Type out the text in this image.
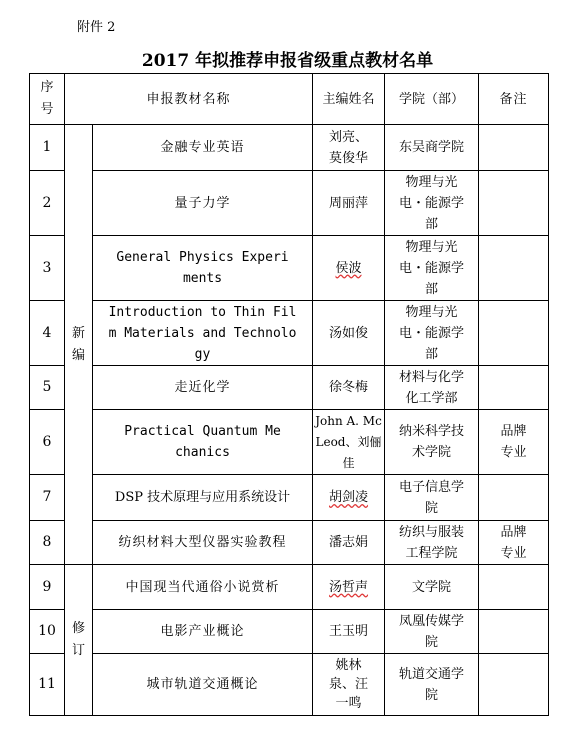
附件 2
2017 年拟推荐申报省级重点教材名单
序号	申报教材名称		主编姓名	学院（部）	备注
1	新编	金融专业英语	刘亮、莫俊华	东吴商学院	
2		量子力学	周丽萍	物理与光电・能源学部	
3		General Physics Experiments	侯波	物理与光电・能源学部	
4		Introduction to Thin Film Materials and Technology	汤如俊	物理与光电・能源学部	
5		走近化学	徐冬梅	材料与化学化工学部	
6		Practical Quantum Mechanics	John A. McLeod、刘俪佳	纳米科学技术学院	品牌专业
7		DSP 技术原理与应用系统设计	胡剑凌	电子信息学院	
8		纺织材料大型仪器实验教程	潘志娟	纺织与服装工程学院	品牌专业
9	修订	中国现当代通俗小说赏析	汤哲声	文学院	
10		电影产业概论	王玉明	凤凰传媒学院	
11		城市轨道交通概论	姚林泉、汪一鸣	轨道交通学院	
